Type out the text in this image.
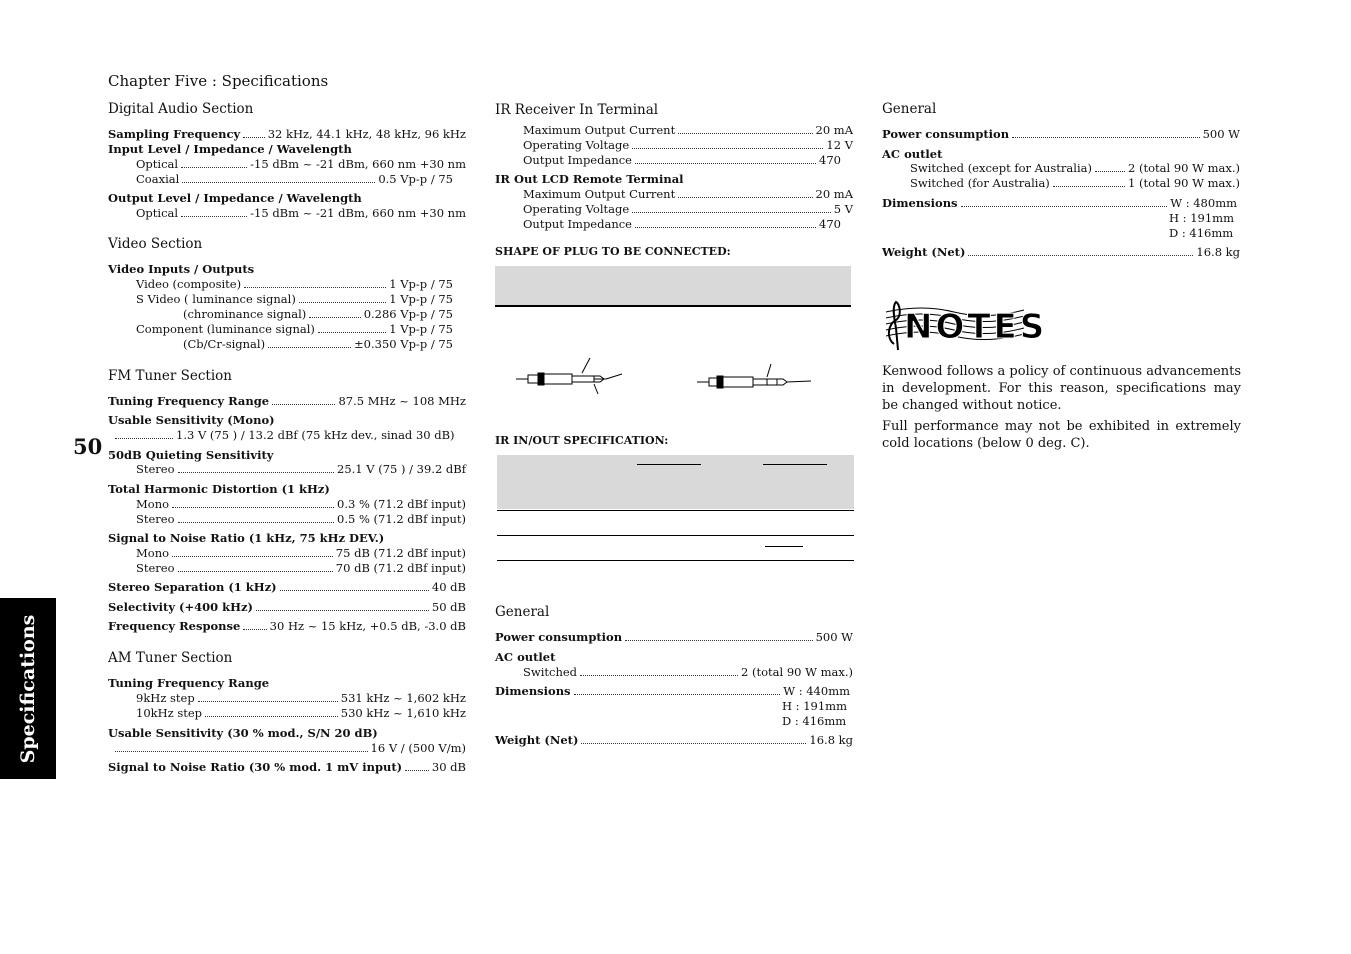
Chapter Five : Specifications
50
Specifications
Digital Audio Section
Sampling Frequency 32 kHz, 44.1 kHz, 48 kHz, 96 kHz
Input Level / Impedance / Wavelength
Optical	-15 dBm ~ -21 dBm, 660 nm +30 nm
Coaxial	0.5 Vp-p / 75
Output Level / Impedance / Wavelength
Optical	-15 dBm ~ -21 dBm, 660 nm +30 nm
Video Section
Video Inputs / Outputs
Video (composite)	1 Vp-p / 75
S Video ( luminance signal)	1 Vp-p / 75
(chrominance signal)	0.286 Vp-p / 75
Component (luminance signal)	1 Vp-p / 75
(Cb/Cr-signal)	±0.350 Vp-p / 75
FM Tuner Section
Tuning Frequency Range	87.5 MHz ~ 108 MHz
Usable Sensitivity (Mono)
1.3 V (75 ) / 13.2 dBf (75 kHz dev., sinad 30 dB)
50dB Quieting Sensitivity
Stereo	25.1 V (75 ) / 39.2 dBf
Total Harmonic Distortion (1 kHz)
Mono	0.3 % (71.2 dBf input)
Stereo	0.5 % (71.2 dBf input)
Signal to Noise Ratio (1 kHz, 75 kHz DEV.)
Mono	75 dB (71.2 dBf input)
Stereo	70 dB (71.2 dBf input)
Stereo Separation (1 kHz)	40 dB
Selectivity (+400 kHz)	50 dB
Frequency Response	30 Hz ~ 15 kHz, +0.5 dB, -3.0 dB
AM Tuner Section
Tuning Frequency Range
9kHz step	531 kHz ~ 1,602 kHz
10kHz step	530 kHz ~ 1,610 kHz
Usable Sensitivity (30 % mod., S/N 20 dB)
16 V / (500 V/m)
Signal to Noise Ratio (30 % mod. 1 mV input)	30 dB
IR Receiver In Terminal
Maximum Output Current	20 mA
Operating Voltage	12 V
Output Impedance	470
IR Out LCD Remote Terminal
Maximum Output Current	20 mA
Operating Voltage	5 V
Output Impedance	470
SHAPE OF PLUG TO BE CONNECTED:
IR IN/OUT SPECIFICATION:
General
Power consumption	500 W
AC outlet
Switched	2 (total 90 W max.)
Dimensions	W : 440mm
H : 191mm
D : 416mm
Weight (Net)	16.8 kg
General
Power consumption	500 W
AC outlet
Switched (except for Australia)	2 (total 90 W max.)
Switched (for Australia)	1 (total 90 W max.)
Dimensions	W : 480mm
H : 191mm
D : 416mm
Weight (Net)	16.8 kg
NOTES
Kenwood follows a policy of continuous advancements in development. For this reason, specifications may be changed without notice.
Full performance may not be exhibited in extremely cold locations (below 0 deg. C).
